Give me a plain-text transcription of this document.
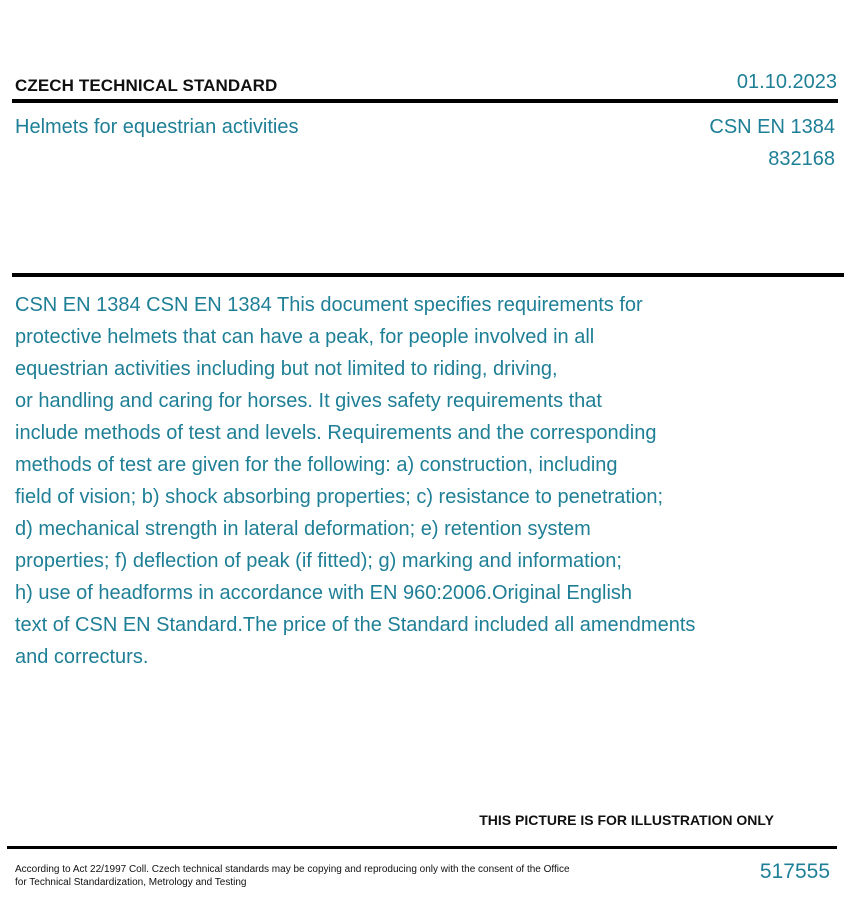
CZECH TECHNICAL STANDARD	01.10.2023
Helmets for equestrian activities	CSN EN 1384
832168
CSN EN 1384 CSN EN 1384 This document specifies requirements for
protective helmets that can have a peak, for people involved in all
equestrian activities including but not limited to riding, driving,
or handling and caring for horses. It gives safety requirements that
include methods of test and levels. Requirements and the corresponding
methods of test are given for the following: a) construction, including
field of vision; b) shock absorbing properties; c) resistance to penetration;
d) mechanical strength in lateral deformation; e) retention system
properties; f) deflection of peak (if fitted); g) marking and information;
h) use of headforms in accordance with EN 960:2006.Original English
text of CSN EN Standard.The price of the Standard included all amendments
and correcturs.
THIS PICTURE IS FOR ILLUSTRATION ONLY
According to Act 22/1997 Coll. Czech technical standards may be copying and reproducing only with the consent of the Office
for Technical Standardization, Metrology and Testing	517555
